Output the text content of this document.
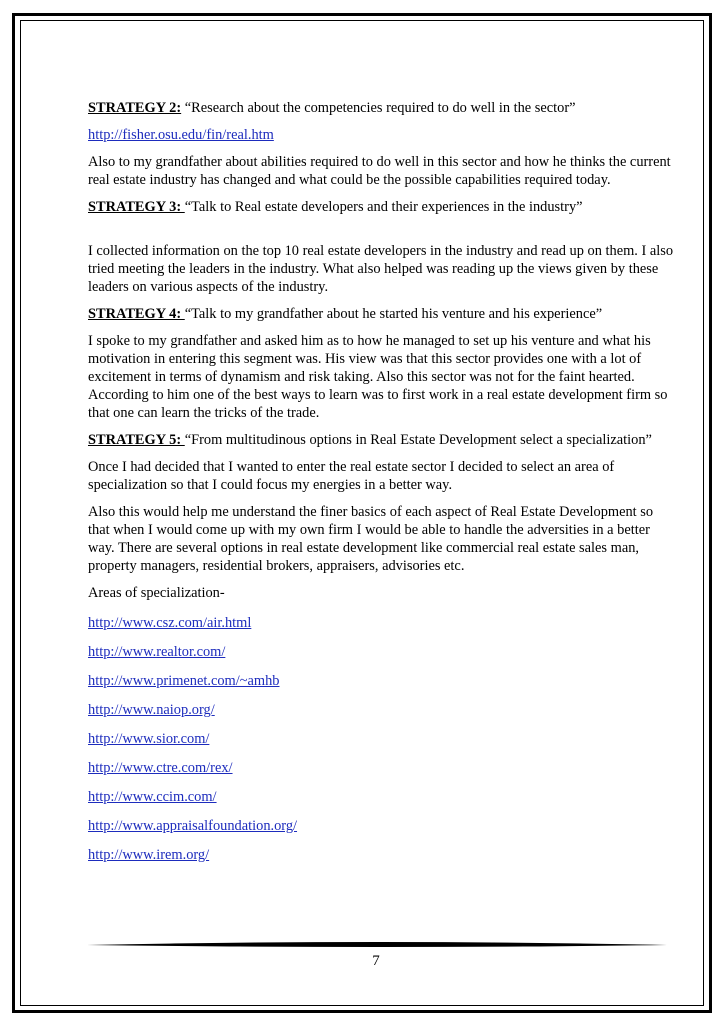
STRATEGY 2: “Research about the competencies required to do well in the sector”

http://fisher.osu.edu/fin/real.htm

Also to my grandfather about abilities required to do well in this sector and how he thinks the current real estate industry has changed and what could be the possible capabilities required today.

STRATEGY 3: “Talk to Real estate developers and their experiences in the industry”

I collected information on the top 10 real estate developers in the industry and read up on them. I also tried meeting the leaders in the industry. What also helped was reading up the views given by these leaders on various aspects of the industry.

STRATEGY 4: “Talk to my grandfather about he started his venture and his experience”

I spoke to my grandfather and asked him as to how he managed to set up his venture and what his motivation in entering this segment was. His view was that this sector provides one with a lot of excitement in terms of dynamism and risk taking. Also this sector was not for the faint hearted. According to him one of the best ways to learn was to first work in a real estate development firm so that one can learn the tricks of the trade.

STRATEGY 5: “From multitudinous options in Real Estate Development select a specialization”

Once I had decided that I wanted to enter the real estate sector I decided to select an area of specialization so that I could focus my energies in a better way.

Also this would help me understand the finer basics of each aspect of Real Estate Development so that when I would come up with my own firm I would be able to handle the adversities in a better way. There are several options in real estate development like commercial real estate sales man, property managers, residential brokers, appraisers, advisories etc.

Areas of specialization-

http://www.csz.com/air.html
http://www.realtor.com/
http://www.primenet.com/~amhb
http://www.naiop.org/
http://www.sior.com/
http://www.ctre.com/rex/
http://www.ccim.com/
http://www.appraisalfoundation.org/
http://www.irem.org/
7
